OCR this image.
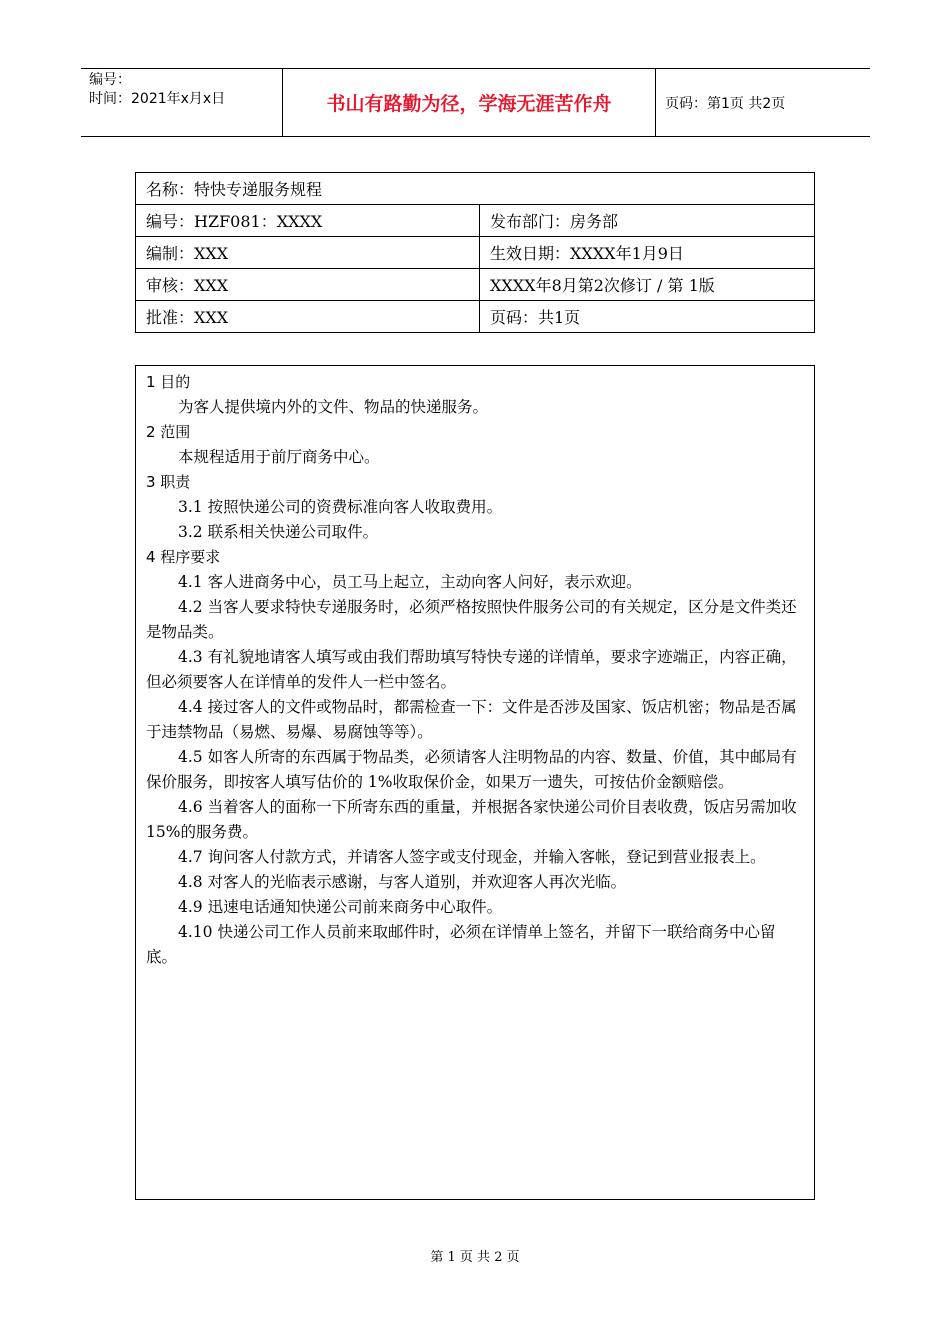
编号：
时间：2021年x月x日	书山有路勤为径，学海无涯苦作舟	页码：第1页 共2页
名称：特快专递服务规程	
编号：HZF081：XXXX	发布部门：房务部
编制：XXX	生效日期：XXXX年1月9日
审核：XXX	XXXX年8月第2次修订 / 第 1版
批准：XXX	页码：共1页
1 目的

为客人提供境内外的文件、物品的快递服务。

2 范围

本规程适用于前厅商务中心。

3 职责

3.1 按照快递公司的资费标准向客人收取费用。

3.2 联系相关快递公司取件。

4 程序要求

4.1 客人进商务中心，员工马上起立，主动向客人问好，表示欢迎。

4.2 当客人要求特快专递服务时，必须严格按照快件服务公司的有关规定，区分是文件类还是物品类。

4.3 有礼貌地请客人填写或由我们帮助填写特快专递的详情单，要求字迹端正，内容正确，但必须要客人在详情单的发件人一栏中签名。

4.4 接过客人的文件或物品时，都需检查一下：文件是否涉及国家、饭店机密；物品是否属于违禁物品（易燃、易爆、易腐蚀等等）。

4.5 如客人所寄的东西属于物品类，必须请客人注明物品的内容、数量、价值，其中邮局有保价服务，即按客人填写估价的 1%收取保价金，如果万一遗失，可按估价金额赔偿。

4.6 当着客人的面称一下所寄东西的重量，并根据各家快递公司价目表收费，饭店另需加收 15%的服务费。

4.7 询问客人付款方式，并请客人签字或支付现金，并输入客帐，登记到营业报表上。

4.8 对客人的光临表示感谢，与客人道别，并欢迎客人再次光临。

4.9 迅速电话通知快递公司前来商务中心取件。

4.10 快递公司工作人员前来取邮件时，必须在详情单上签名，并留下一联给商务中心留底。

第 1 页 共 2 页
